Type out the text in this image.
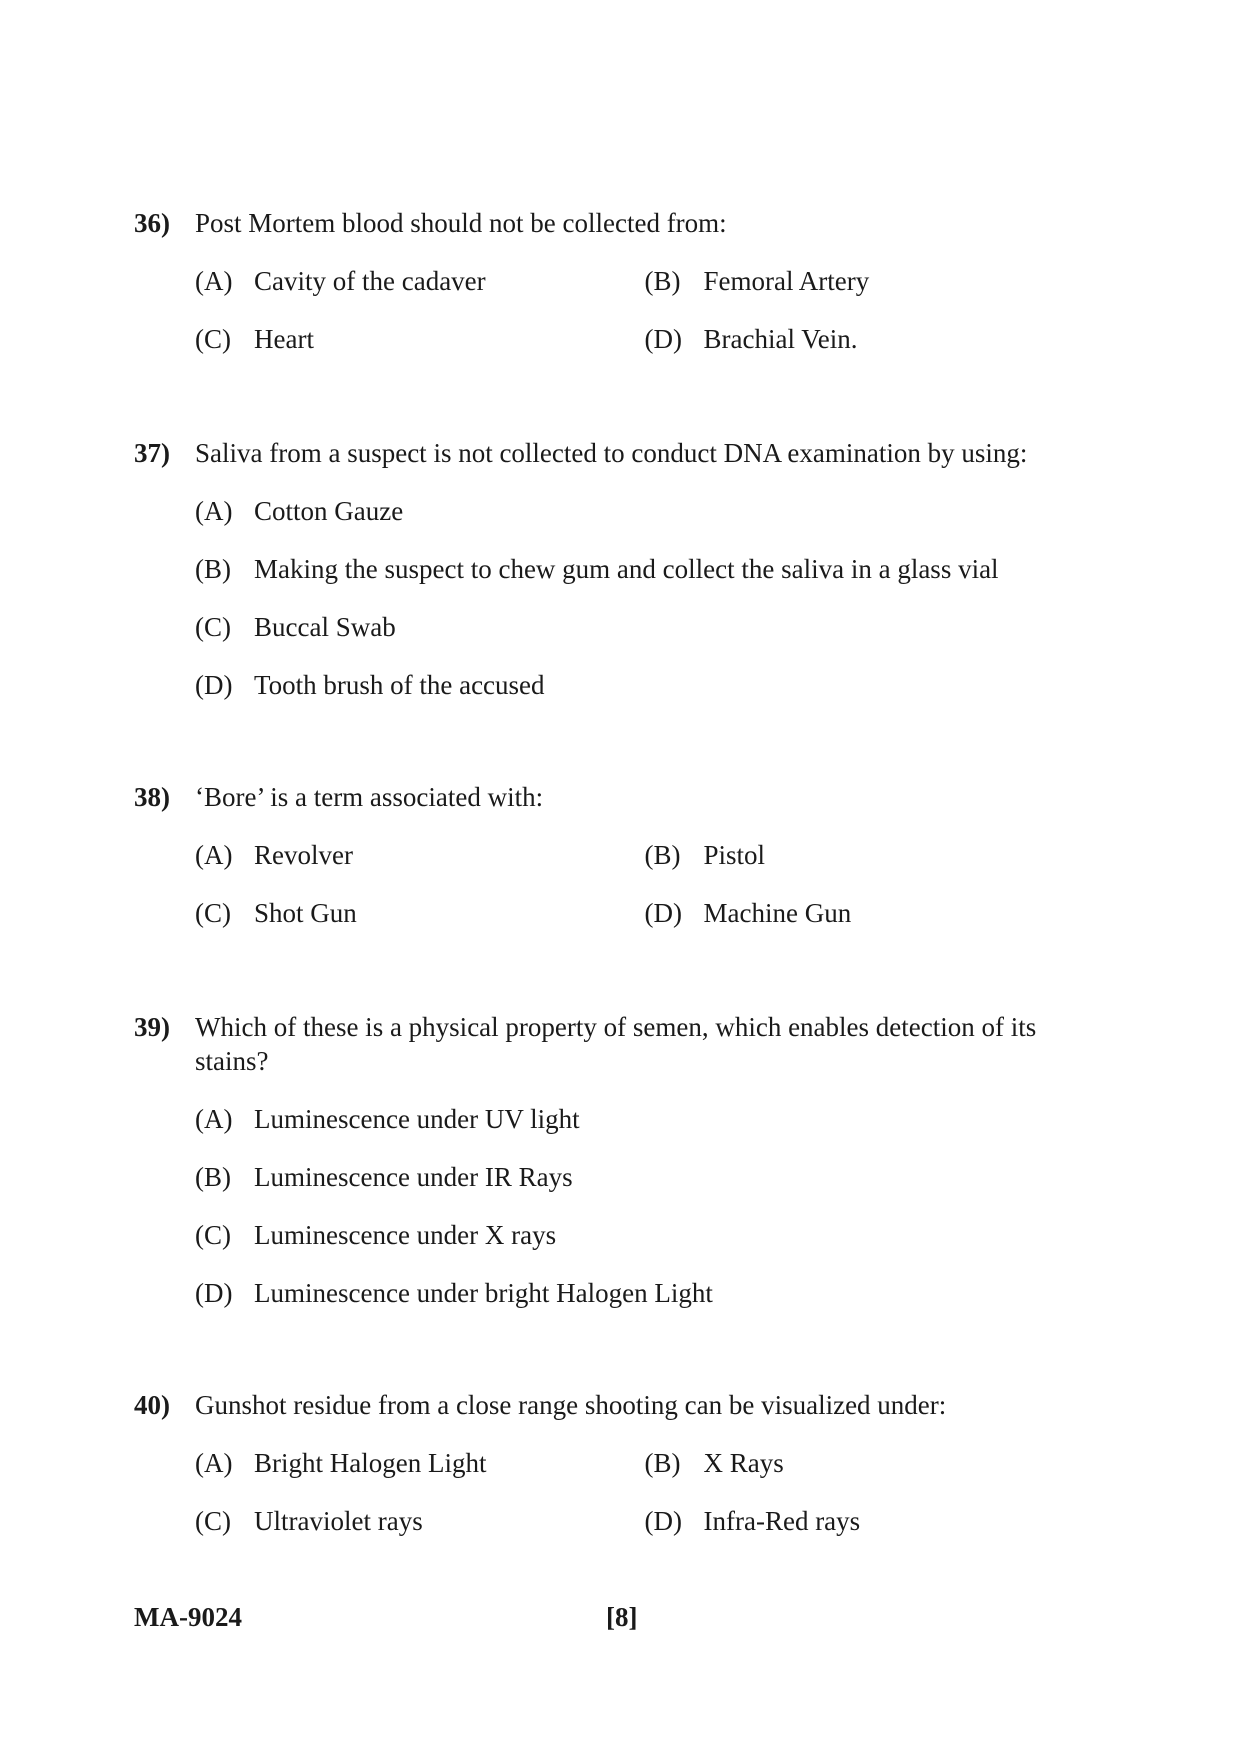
36) Post Mortem blood should not be collected from:
(A) Cavity of the cadaver	(B) Femoral Artery
(C) Heart	(D) Brachial Vein.
37) Saliva from a suspect is not collected to conduct DNA examination by using:
(A) Cotton Gauze
(B) Making the suspect to chew gum and collect the saliva in a glass vial
(C) Buccal Swab
(D) Tooth brush of the accused
38) ‘Bore’ is a term associated with:
(A) Revolver	(B) Pistol
(C) Shot Gun	(D) Machine Gun
39) Which of these is a physical property of semen, which enables detection of its stains?
(A) Luminescence under UV light
(B) Luminescence under IR Rays
(C) Luminescence under X rays
(D) Luminescence under bright Halogen Light
40) Gunshot residue from a close range shooting can be visualized under:
(A) Bright Halogen Light	(B) X Rays
(C) Ultraviolet rays	(D) Infra-Red rays
MA-9024	[8]
